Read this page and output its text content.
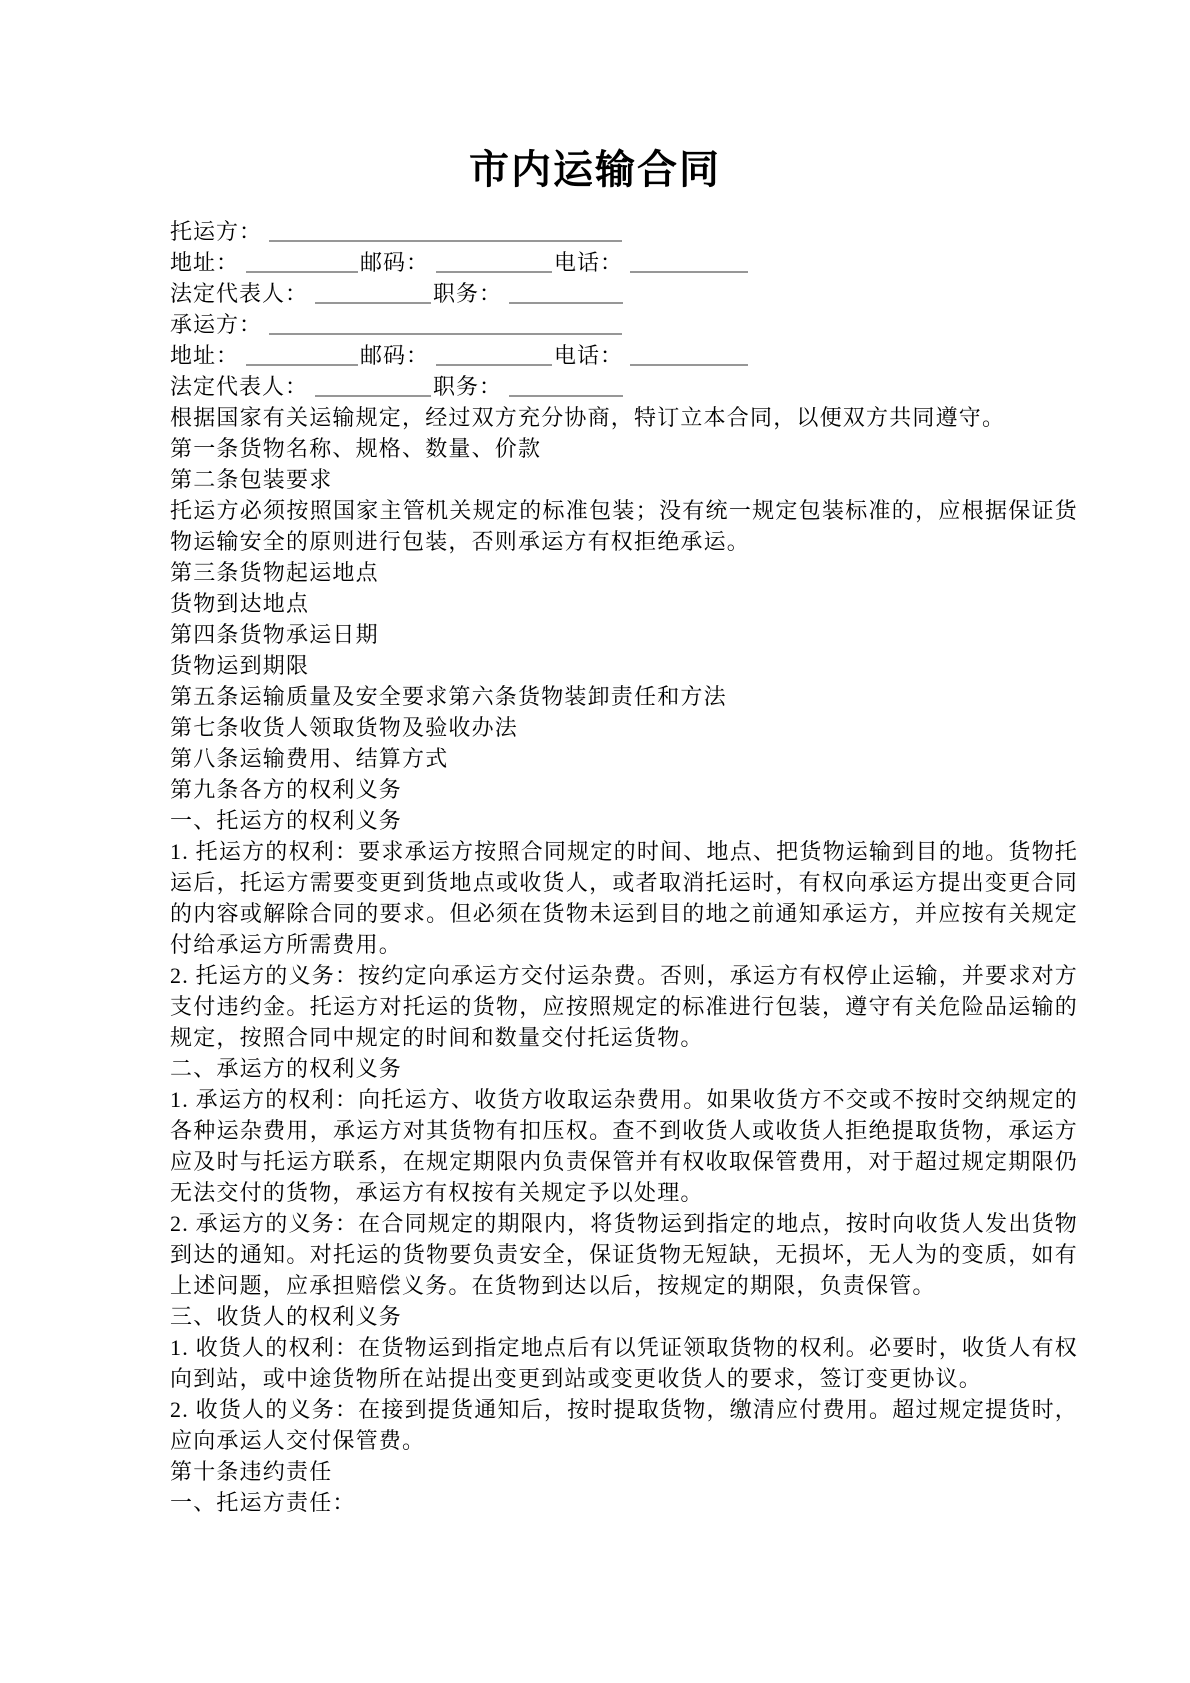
市内运输合同
托运方：
地址：	邮码：	电话：
法定代表人：	职务：
承运方：
地址：	邮码：	电话：
法定代表人：	职务：

根据国家有关运输规定，经过双方充分协商，特订立本合同，以便双方共同遵守。

第一条货物名称、规格、数量、价款

第二条包装要求

托运方必须按照国家主管机关规定的标准包装；没有统一规定包装标准的，应根据保证货物运输安全的原则进行包装，否则承运方有权拒绝承运。

第三条货物起运地点

货物到达地点

第四条货物承运日期

货物运到期限

第五条运输质量及安全要求第六条货物装卸责任和方法

第七条收货人领取货物及验收办法

第八条运输费用、结算方式

第九条各方的权利义务

一、托运方的权利义务

1. 托运方的权利：要求承运方按照合同规定的时间、地点、把货物运输到目的地。货物托运后，托运方需要变更到货地点或收货人，或者取消托运时，有权向承运方提出变更合同的内容或解除合同的要求。但必须在货物未运到目的地之前通知承运方，并应按有关规定付给承运方所需费用。

2. 托运方的义务：按约定向承运方交付运杂费。否则，承运方有权停止运输，并要求对方支付违约金。托运方对托运的货物，应按照规定的标准进行包装，遵守有关危险品运输的规定，按照合同中规定的时间和数量交付托运货物。

二、承运方的权利义务

1. 承运方的权利：向托运方、收货方收取运杂费用。如果收货方不交或不按时交纳规定的各种运杂费用，承运方对其货物有扣压权。查不到收货人或收货人拒绝提取货物，承运方应及时与托运方联系，在规定期限内负责保管并有权收取保管费用，对于超过规定期限仍无法交付的货物，承运方有权按有关规定予以处理。

2. 承运方的义务：在合同规定的期限内，将货物运到指定的地点，按时向收货人发出货物到达的通知。对托运的货物要负责安全，保证货物无短缺，无损坏，无人为的变质，如有上述问题，应承担赔偿义务。在货物到达以后，按规定的期限，负责保管。

三、收货人的权利义务

1. 收货人的权利：在货物运到指定地点后有以凭证领取货物的权利。必要时，收货人有权向到站，或中途货物所在站提出变更到站或变更收货人的要求，签订变更协议。

2. 收货人的义务：在接到提货通知后，按时提取货物，缴清应付费用。超过规定提货时，应向承运人交付保管费。

第十条违约责任

一、托运方责任：
